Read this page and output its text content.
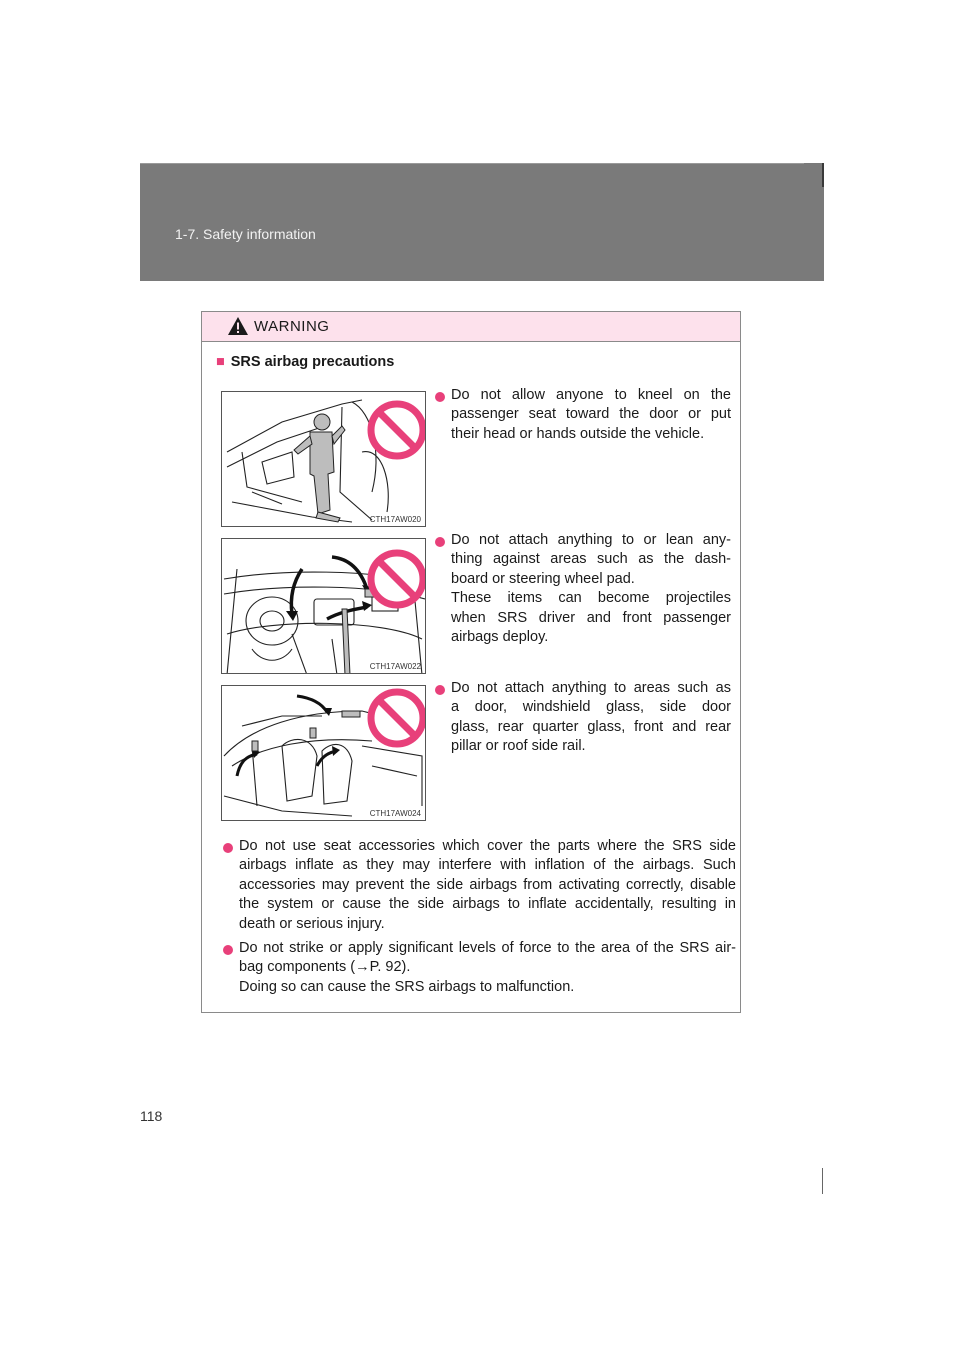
1-7. Safety information
WARNING
■ SRS airbag precautions
CTH17AW020
CTH17AW022
CTH17AW024
Do not allow anyone to kneel on the
passenger seat toward the door or put
their head or hands outside the vehicle.
Do not attach anything to or lean any-
thing against areas such as the dash-
board or steering wheel pad.
These items can become projectiles
when SRS driver and front passenger
airbags deploy.
Do not attach anything to areas such as
a door, windshield glass, side door
glass, rear quarter glass, front and rear
pillar or roof side rail.
Do not use seat accessories which cover the parts where the SRS side
airbags inflate as they may interfere with inflation of the airbags. Such
accessories may prevent the side airbags from activating correctly, disable
the system or cause the side airbags to inflate accidentally, resulting in
death or serious injury.
Do not strike or apply significant levels of force to the area of the SRS air-
bag components (→P. 92).
Doing so can cause the SRS airbags to malfunction.
118
